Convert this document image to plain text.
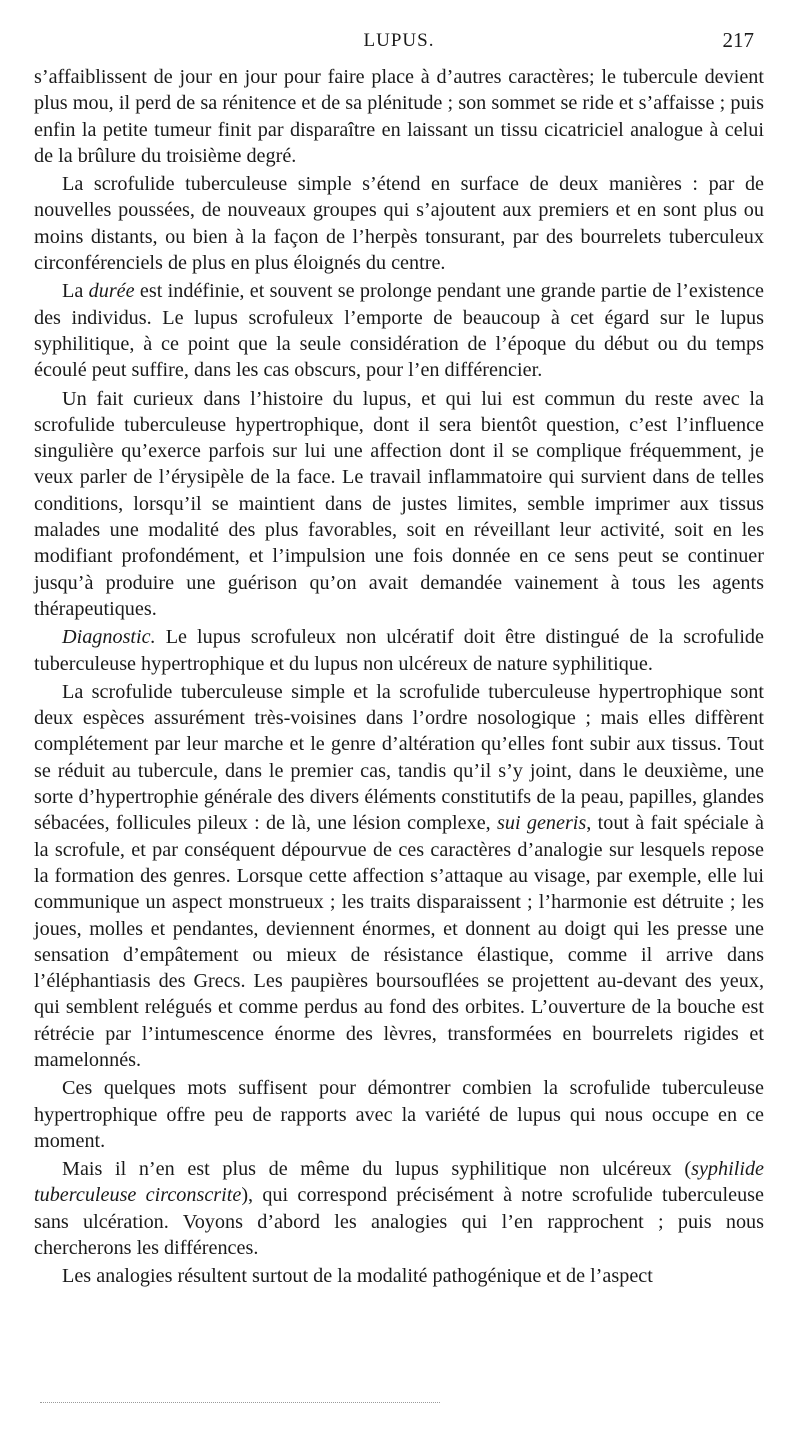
LUPUS.	217

s’affaiblissent de jour en jour pour faire place à d’autres caractères; le tubercule devient plus mou, il perd de sa rénitence et de sa plénitude ; son sommet se ride et s’affaisse ; puis enfin la petite tumeur finit par disparaître en laissant un tissu cicatriciel analogue à celui de la brûlure du troisième degré.

La scrofulide tuberculeuse simple s’étend en surface de deux manières : par de nouvelles poussées, de nouveaux groupes qui s’ajoutent aux premiers et en sont plus ou moins distants, ou bien à la façon de l’herpès tonsurant, par des bourrelets tuberculeux circonférenciels de plus en plus éloignés du centre.

La durée est indéfinie, et souvent se prolonge pendant une grande partie de l’existence des individus. Le lupus scrofuleux l’emporte de beaucoup à cet égard sur le lupus syphilitique, à ce point que la seule considération de l’époque du début ou du temps écoulé peut suffire, dans les cas obscurs, pour l’en différencier.

Un fait curieux dans l’histoire du lupus, et qui lui est commun du reste avec la scrofulide tuberculeuse hypertrophique, dont il sera bientôt question, c’est l’influence singulière qu’exerce parfois sur lui une affection dont il se complique fréquemment, je veux parler de l’érysipèle de la face. Le travail inflammatoire qui survient dans de telles conditions, lorsqu’il se maintient dans de justes limites, semble imprimer aux tissus malades une modalité des plus favorables, soit en réveillant leur activité, soit en les modifiant profondément, et l’impulsion une fois donnée en ce sens peut se continuer jusqu’à produire une guérison qu’on avait demandée vainement à tous les agents thérapeutiques.

Diagnostic. Le lupus scrofuleux non ulcératif doit être distingué de la scrofulide tuberculeuse hypertrophique et du lupus non ulcéreux de nature syphilitique.

La scrofulide tuberculeuse simple et la scrofulide tuberculeuse hypertrophique sont deux espèces assurément très-voisines dans l’ordre nosologique ; mais elles diffèrent complétement par leur marche et le genre d’altération qu’elles font subir aux tissus. Tout se réduit au tubercule, dans le premier cas, tandis qu’il s’y joint, dans le deuxième, une sorte d’hypertrophie générale des divers éléments constitutifs de la peau, papilles, glandes sébacées, follicules pileux : de là, une lésion complexe, sui generis, tout à fait spéciale à la scrofule, et par conséquent dépourvue de ces caractères d’analogie sur lesquels repose la formation des genres. Lorsque cette affection s’attaque au visage, par exemple, elle lui communique un aspect monstrueux ; les traits disparaissent ; l’harmonie est détruite ; les joues, molles et pendantes, deviennent énormes, et donnent au doigt qui les presse une sensation d’empâtement ou mieux de résistance élastique, comme il arrive dans l’éléphantiasis des Grecs. Les paupières boursouflées se projettent au-devant des yeux, qui semblent relégués et comme perdus au fond des orbites. L’ouverture de la bouche est rétrécie par l’intumescence énorme des lèvres, transformées en bourrelets rigides et mamelonnés.

Ces quelques mots suffisent pour démontrer combien la scrofulide tuberculeuse hypertrophique offre peu de rapports avec la variété de lupus qui nous occupe en ce moment.

Mais il n’en est plus de même du lupus syphilitique non ulcéreux (syphilide tuberculeuse circonscrite), qui correspond précisément à notre scrofulide tuberculeuse sans ulcération. Voyons d’abord les analogies qui l’en rapprochent ; puis nous chercherons les différences.

Les analogies résultent surtout de la modalité pathogénique et de l’aspect
